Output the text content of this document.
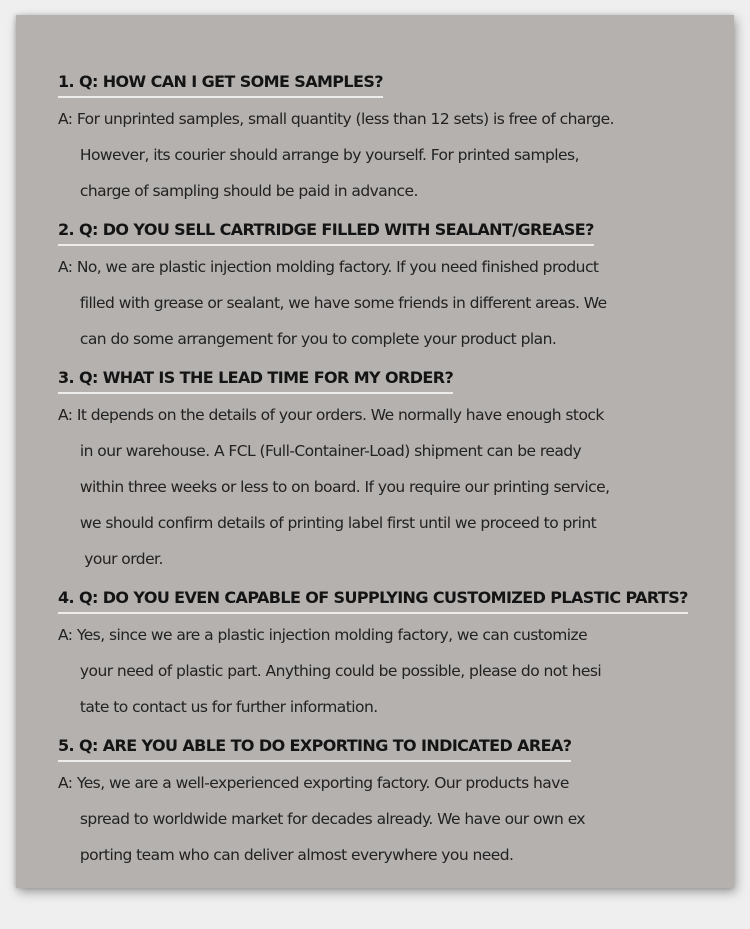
1. Q: HOW CAN I GET SOME SAMPLES?
A: For unprinted samples, small quantity (less than 12 sets) is free of charge.
However, its courier should arrange by yourself. For printed samples,
charge of sampling should be paid in advance.
2. Q: DO YOU SELL CARTRIDGE FILLED WITH SEALANT/GREASE?
A: No, we are plastic injection molding factory. If you need finished product
filled with grease or sealant, we have some friends in different areas. We
can do some arrangement for you to complete your product plan.
3. Q: WHAT IS THE LEAD TIME FOR MY ORDER?
A: It depends on the details of your orders. We normally have enough stock
in our warehouse. A FCL (Full-Container-Load) shipment can be ready
within three weeks or less to on board. If you require our printing service,
we should confirm details of printing label first until we proceed to print
your order.
4. Q: DO YOU EVEN CAPABLE OF SUPPLYING CUSTOMIZED PLASTIC PARTS?
A: Yes, since we are a plastic injection molding factory, we can customize
your need of plastic part. Anything could be possible, please do not hesi
tate to contact us for further information.
5. Q: ARE YOU ABLE TO DO EXPORTING TO INDICATED AREA?
A: Yes, we are a well-experienced exporting factory. Our products have
spread to worldwide market for decades already. We have our own ex
porting team who can deliver almost everywhere you need.
